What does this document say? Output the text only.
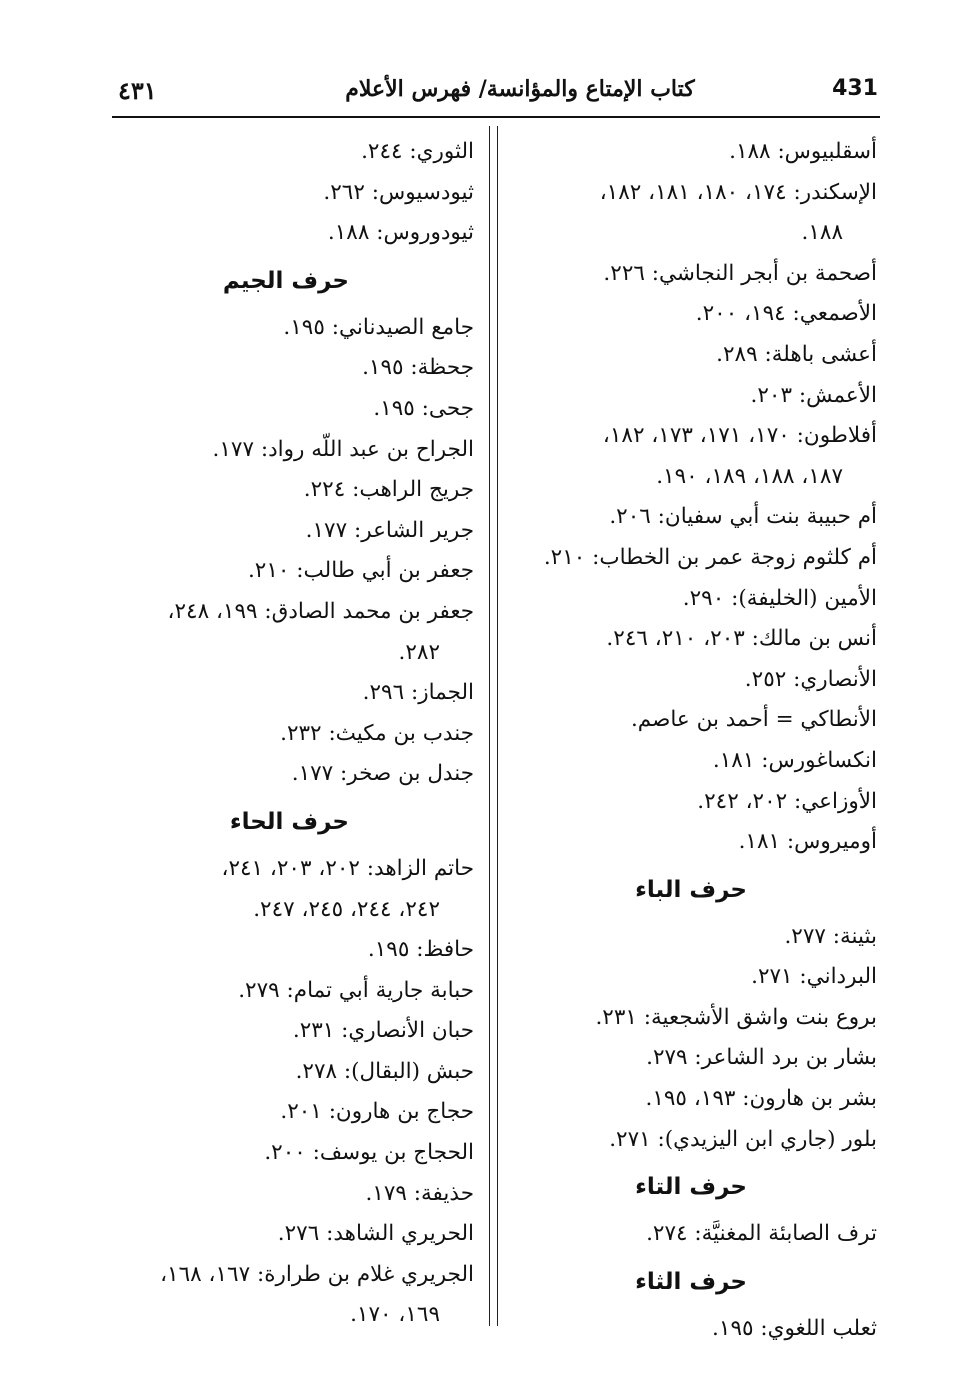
٤٣١	كتاب الإمتاع والمؤانسة/ فهرس الأعلام	431
أسقلبيوس: ١٨٨.
الإسكندر: ١٧٤، ١٨٠، ١٨١، ١٨٢،
١٨٨.
أصحمة بن أبجر النجاشي: ٢٢٦.
الأصمعي: ١٩٤، ٢٠٠.
أعشى باهلة: ٢٨٩.
الأعمش: ٢٠٣.
أفلاطون: ١٧٠، ١٧١، ١٧٣، ١٨٢،
١٨٧، ١٨٨، ١٨٩، ١٩٠.
أم حبيبة بنت أبي سفيان: ٢٠٦.
أم كلثوم زوجة عمر بن الخطاب: ٢١٠.
الأمين (الخليفة): ٢٩٠.
أنس بن مالك: ٢٠٣، ٢١٠، ٢٤٦.
الأنصاري: ٢٥٢.
الأنطاكي = أحمد بن عاصم.
انكساغورس: ١٨١.
الأوزاعي: ٢٠٢، ٢٤٢.
أوميروس: ١٨١.
حرف الباء
بثينة: ٢٧٧.
البرداني: ٢٧١.
بروع بنت واشق الأشجعية: ٢٣١.
بشار بن برد الشاعر: ٢٧٩.
بشر بن هارون: ١٩٣، ١٩٥.
بلور (جاري ابن اليزيدي): ٢٧١.
حرف التاء
ترف الصابئة المغنيَّة: ٢٧٤.
حرف الثاء
ثعلب اللغوي: ١٩٥.
الثوري: ٢٤٤.
ثيودسيوس: ٢٦٢.
ثيودوروس: ١٨٨.
حرف الجيم
جامع الصيدناني: ١٩٥.
جحظة: ١٩٥.
جحى: ١٩٥.
الجراح بن عبد اللّه رواد: ١٧٧.
جريج الراهب: ٢٢٤.
جرير الشاعر: ١٧٧.
جعفر بن أبي طالب: ٢١٠.
جعفر بن محمد الصادق: ١٩٩، ٢٤٨،
٢٨٢.
الجماز: ٢٩٦.
جندب بن مكيث: ٢٣٢.
جندل بن صخر: ١٧٧.
حرف الحاء
حاتم الزاهد: ٢٠٢، ٢٠٣، ٢٤١،
٢٤٢، ٢٤٤، ٢٤٥، ٢٤٧.
حافظ: ١٩٥.
حبابة جارية أبي تمام: ٢٧٩.
حبان الأنصاري: ٢٣١.
حبش (البقال): ٢٧٨.
حجاج بن هارون: ٢٠١.
الحجاج بن يوسف: ٢٠٠.
حذيفة: ١٧٩.
الحريري الشاهد: ٢٧٦.
الجريري غلام بن طرارة: ١٦٧، ١٦٨،
١٦٩، ١٧٠.
